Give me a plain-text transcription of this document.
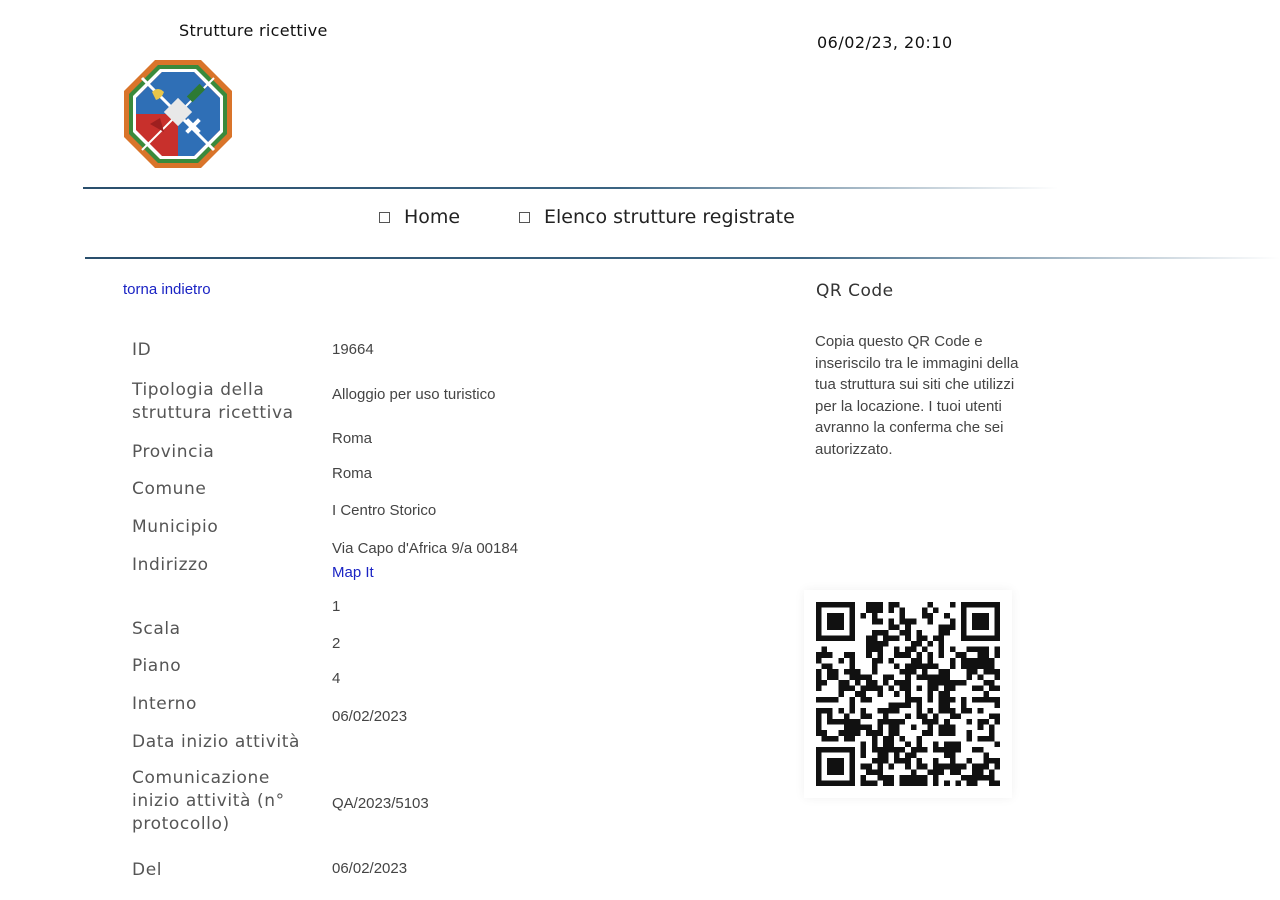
Strutture ricettive
06/02/23, 20:10
Home	Elenco strutture registrate
torna indietro
ID
Tipologia della
struttura ricettiva
Provincia
Comune
Municipio
Indirizzo
Scala
Piano
Interno
Data inizio attività
Comunicazione
inizio attività (n°
protocollo)
Del
19664
Alloggio per uso turistico
Roma
Roma
I Centro Storico
Via Capo d'Africa 9/a 00184
Map It
1
2
4
06/02/2023
QA/2023/5103
06/02/2023
QR Code
Copia questo QR Code e inseriscilo tra le immagini della tua struttura sui siti che utilizzi per la locazione. I tuoi utenti avranno la conferma che sei autorizzato.
